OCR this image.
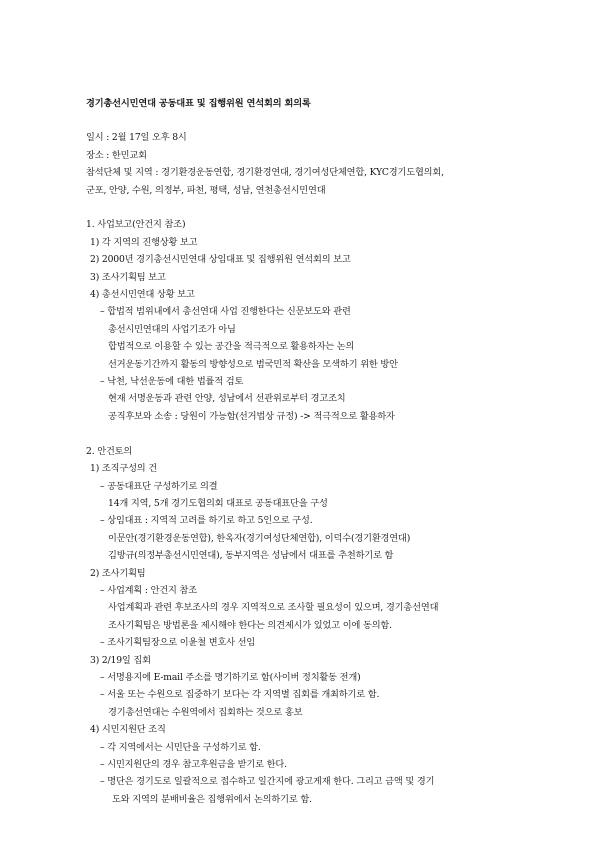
경기총선시민연대 공동대표 및 집행위원 연석회의 회의록
일시 : 2월 17일 오후 8시
장소 : 한민교회
참석단체 및 지역 : 경기환경운동연합, 경기환경연대, 경기여성단체연합, KYC경기도협의회,
군포, 안양, 수원, 의정부, 파천, 평택, 성남, 연천총선시민연대
1. 사업보고(안건지 참조)
1) 각 지역의 진행상황 보고
2) 2000년 경기총선시민연대 상임대표 및 집행위원 연석회의 보고
3) 조사기획팀 보고
4) 총선시민연대 상황 보고
– 합법적 범위내에서 총선연대 사업 진행한다는 신문보도와 관련
총선시민연대의 사업기조가 아님
합법적으로 이용할 수 있는 공간을 적극적으로 활용하자는 논의
선거운동기간까지 활동의 방향성으로 범국민적 확산을 모색하기 위한 방안
– 낙천, 낙선운동에 대한 법률적 검토
현재 서명운동과 관련 안양, 성남에서 선관위로부터 경고조치
공직후보와 소송 : 당원이 가능함(선거법상 규정) -> 적극적으로 활용하자
2. 안건토의
1) 조직구성의 건
– 공동대표단 구성하기로 의결
14개 지역, 5개 경기도협의회 대표로 공동대표단을 구성
– 상임대표 : 지역적 고려를 하기로 하고 5인으로 구성.
이문안(경기환경운동연합), 한옥자(경기여성단체연합), 이덕수(경기환경연대)
김방규(의정부총선시민연대), 동부지역은 성남에서 대표를 추천하기로 함
2) 조사기획팀
– 사업계획 : 안건지 참조
사업계획과 관련 후보조사의 경우 지역적으로 조사할 필요성이 있으며, 경기총선연대
조사기획팀은 방법론을 제시해야 한다는 의견제시가 있었고 이에 동의함.
– 조사기획팀장으로 이윤철 변호사 선임
3) 2/19일 집회
– 서명용지에 E-mail 주소를 명기하기로 함(사이버 정치활동 전개)
– 서울 또는 수원으로 집중하기 보다는 각 지역별 집회를 개최하기로 함.
경기총선연대는 수원역에서 집회하는 것으로 홍보
4) 시민지원단 조직
– 각 지역에서는 시민단을 구성하기로 함.
– 시민지원단의 경우 참고후원금을 받기로 한다.
– 명단은 경기도로 일괄적으로 접수하고 일간지에 광고게재 한다. 그리고 금액 및 경기
도와 지역의 분배비율은 집행위에서 논의하기로 함.
